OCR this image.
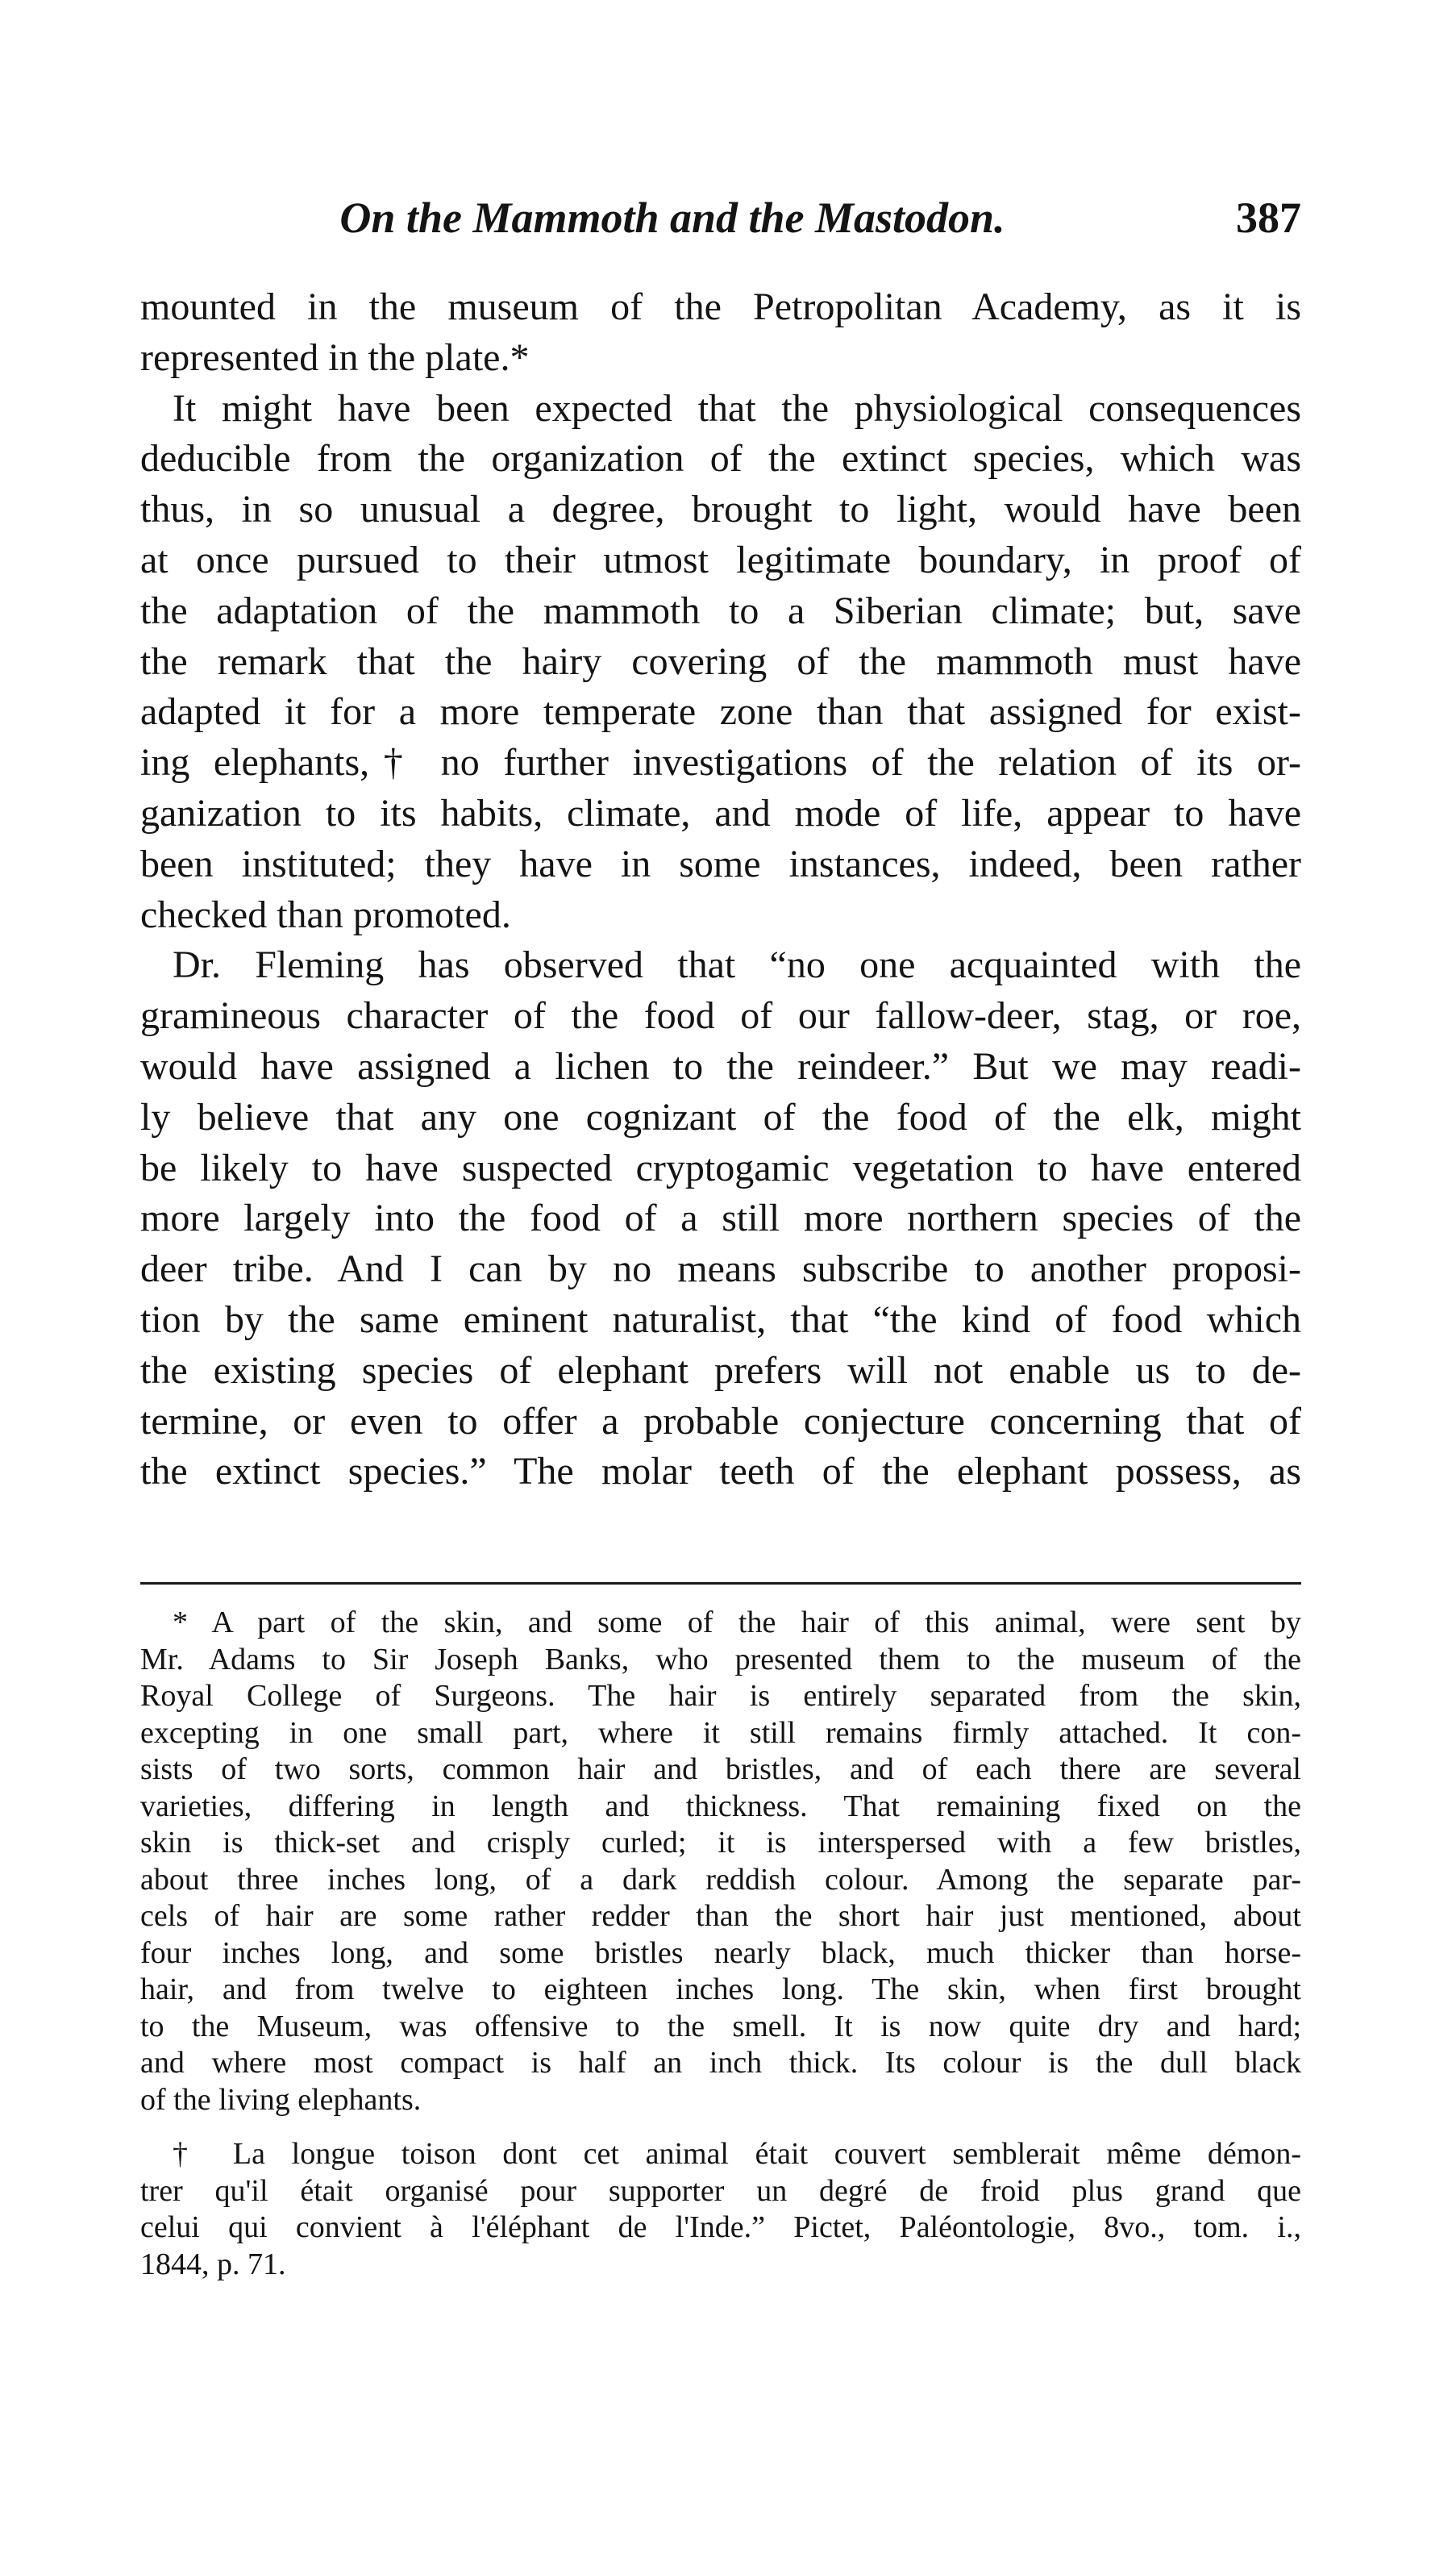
On the Mammoth and the Mastodon.	387
mounted in the museum of the Petropolitan Academy, as it is
represented in the plate.*
It might have been expected that the physiological consequences
deducible from the organization of the extinct species, which was
thus, in so unusual a degree, brought to light, would have been
at once pursued to their utmost legitimate boundary, in proof of
the adaptation of the mammoth to a Siberian climate; but, save
the remark that the hairy covering of the mammoth must have
adapted it for a more temperate zone than that assigned for exist-
ing elephants,† no further investigations of the relation of its or-
ganization to its habits, climate, and mode of life, appear to have
been instituted; they have in some instances, indeed, been rather
checked than promoted.
Dr. Fleming has observed that “no one acquainted with the
gramineous character of the food of our fallow-deer, stag, or roe,
would have assigned a lichen to the reindeer.” But we may readi-
ly believe that any one cognizant of the food of the elk, might
be likely to have suspected cryptogamic vegetation to have entered
more largely into the food of a still more northern species of the
deer tribe. And I can by no means subscribe to another proposi-
tion by the same eminent naturalist, that “the kind of food which
the existing species of elephant prefers will not enable us to de-
termine, or even to offer a probable conjecture concerning that of
the extinct species.” The molar teeth of the elephant possess, as
* A part of the skin, and some of the hair of this animal, were sent by
Mr. Adams to Sir Joseph Banks, who presented them to the museum of the
Royal College of Surgeons. The hair is entirely separated from the skin,
excepting in one small part, where it still remains firmly attached. It con-
sists of two sorts, common hair and bristles, and of each there are several
varieties, differing in length and thickness. That remaining fixed on the
skin is thick-set and crisply curled; it is interspersed with a few bristles,
about three inches long, of a dark reddish colour. Among the separate par-
cels of hair are some rather redder than the short hair just mentioned, about
four inches long, and some bristles nearly black, much thicker than horse-
hair, and from twelve to eighteen inches long. The skin, when first brought
to the Museum, was offensive to the smell. It is now quite dry and hard;
and where most compact is half an inch thick. Its colour is the dull black
of the living elephants.
† La longue toison dont cet animal était couvert semblerait même démon-
trer qu'il était organisé pour supporter un degré de froid plus grand que
celui qui convient à l'éléphant de l'Inde.” Pictet, Paléontologie, 8vo., tom. i.,
1844, p. 71.
